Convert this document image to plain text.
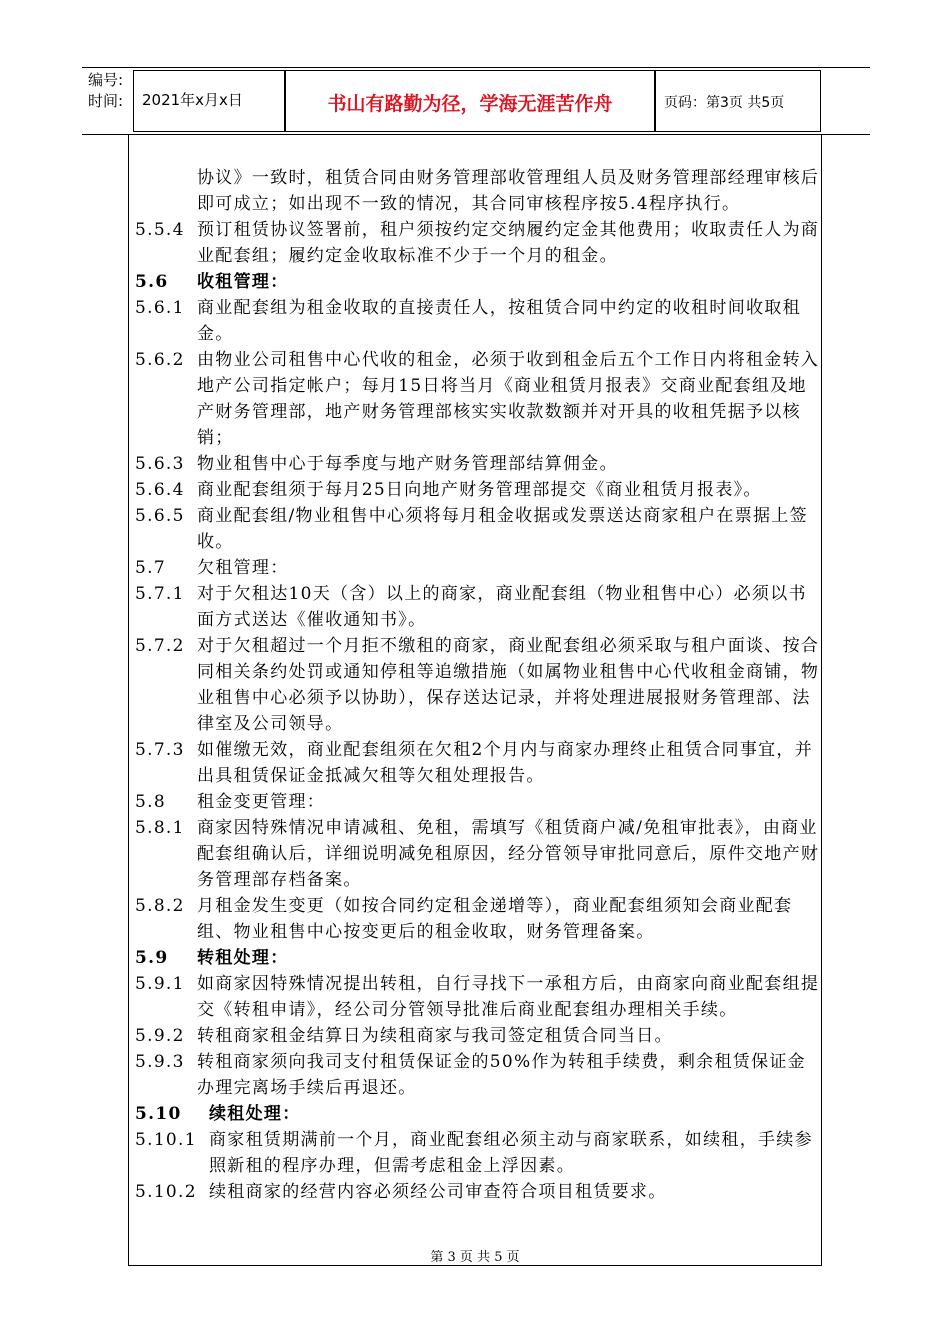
编号:
时间:	2021年x月x日	书山有路勤为径，学海无涯苦作舟	页码：第3页 共5页
协议》一致时，租赁合同由财务管理部收管理组人员及财务管理部经理审核后即可成立；如出现不一致的情况，其合同审核程序按5.4程序执行。
5.5.4 预订租赁协议签署前，租户须按约定交纳履约定金其他费用；收取责任人为商业配套组；履约定金收取标准不少于一个月的租金。
5.6	收租管理：
5.6.1 商业配套组为租金收取的直接责任人，按租赁合同中约定的收租时间收取租金。
5.6.2 由物业公司租售中心代收的租金，必须于收到租金后五个工作日内将租金转入地产公司指定帐户；每月15日将当月《商业租赁月报表》交商业配套组及地产财务管理部，地产财务管理部核实实收款数额并对开具的收租凭据予以核销；
5.6.3 物业租售中心于每季度与地产财务管理部结算佣金。
5.6.4 商业配套组须于每月25日向地产财务管理部提交《商业租赁月报表》。
5.6.5 商业配套组/物业租售中心须将每月租金收据或发票送达商家租户在票据上签收。
5.7	欠租管理：
5.7.1 对于欠租达10天（含）以上的商家，商业配套组（物业租售中心）必须以书面方式送达《催收通知书》。
5.7.2 对于欠租超过一个月拒不缴租的商家，商业配套组必须采取与租户面谈、按合同相关条约处罚或通知停租等追缴措施（如属物业租售中心代收租金商铺，物业租售中心必须予以协助），保存送达记录，并将处理进展报财务管理部、法律室及公司领导。
5.7.3 如催缴无效，商业配套组须在欠租2个月内与商家办理终止租赁合同事宜，并出具租赁保证金抵减欠租等欠租处理报告。
5.8	租金变更管理：
5.8.1 商家因特殊情况申请减租、免租，需填写《租赁商户减/免租审批表》，由商业配套组确认后，详细说明减免租原因，经分管领导审批同意后，原件交地产财务管理部存档备案。
5.8.2 月租金发生变更（如按合同约定租金递增等），商业配套组须知会商业配套组、物业租售中心按变更后的租金收取，财务管理备案。
5.9	转租处理：
5.9.1 如商家因特殊情况提出转租，自行寻找下一承租方后，由商家向商业配套组提交《转租申请》，经公司分管领导批准后商业配套组办理相关手续。
5.9.2 转租商家租金结算日为续租商家与我司签定租赁合同当日。
5.9.3 转租商家须向我司支付租赁保证金的50%作为转租手续费，剩余租赁保证金办理完离场手续后再退还。
5.10	续租处理：
5.10.1 商家租赁期满前一个月，商业配套组必须主动与商家联系，如续租，手续参照新租的程序办理，但需考虑租金上浮因素。
5.10.2 续租商家的经营内容必须经公司审查符合项目租赁要求。
第 3 页 共 5 页
